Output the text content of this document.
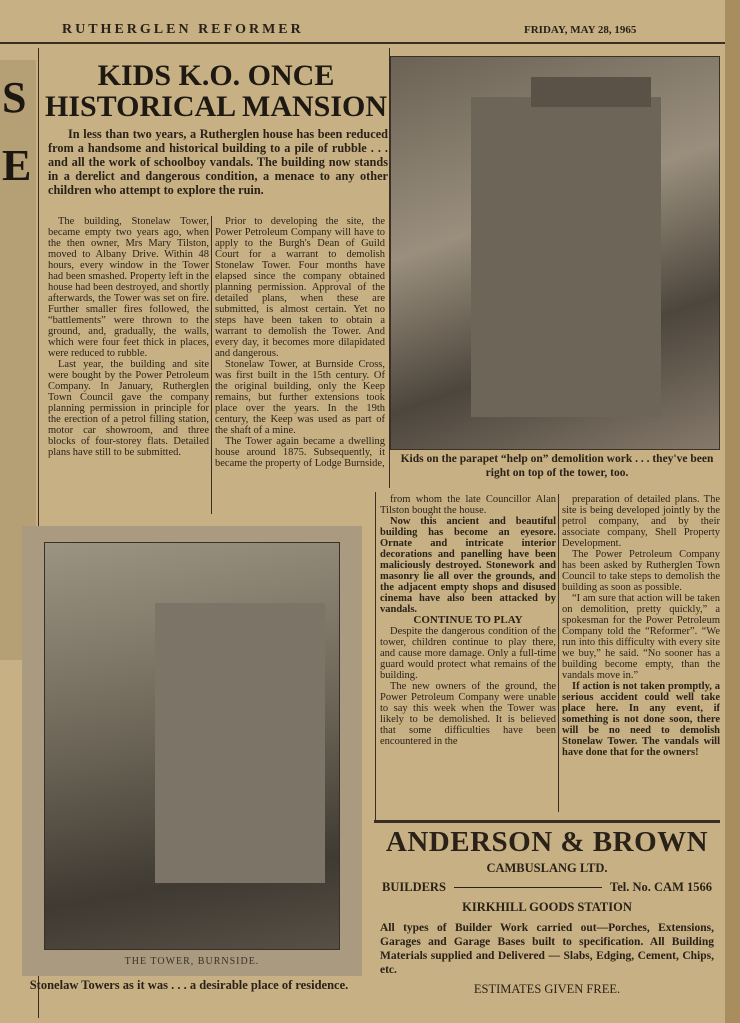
RUTHERGLEN REFORMER	FRIDAY, MAY 28, 1965
S
E
KIDS K.O. ONCE
HISTORICAL MANSION
In less than two years, a Rutherglen house has been reduced from a handsome and historical building to a pile of rubble . . . and all the work of schoolboy vandals. The building now stands in a derelict and dangerous condition, a menace to any other children who attempt to explore the ruin.

The building, Stonelaw Tower, became empty two years ago, when the then owner, Mrs Mary Tilston, moved to Albany Drive. Within 48 hours, every window in the Tower had been smashed. Property left in the house had been destroyed, and shortly afterwards, the Tower was set on fire. Further smaller fires followed, the “battlements” were thrown to the ground, and, gradually, the walls, which were four feet thick in places, were reduced to rubble.

Last year, the building and site were bought by the Power Petroleum Company. In January, Rutherglen Town Council gave the company planning permission in principle for the erection of a petrol filling station, motor car showroom, and three blocks of four-storey flats. Detailed plans have still to be submitted.

Prior to developing the site, the Power Petroleum Company will have to apply to the Burgh's Dean of Guild Court for a warrant to demolish Stonelaw Tower. Four months have elapsed since the company obtained planning permission. Approval of the detailed plans, when these are submitted, is almost certain. Yet no steps have been taken to obtain a warrant to demolish the Tower. And every day, it becomes more dilapidated and dangerous.

Stonelaw Tower, at Burnside Cross, was first built in the 15th century. Of the original building, only the Keep remains, but further extensions took place over the years. In the 19th century, the Keep was used as part of the shaft of a mine.

The Tower again became a dwelling house around 1875. Subsequently, it became the property of Lodge Burnside, Kids on the parapet “help on” demolition work . . . they've been right on top of the tower, too.

from whom the late Councillor Alan Tilston bought the house.

Now this ancient and beautiful building has become an eyesore. Ornate and intricate interior decorations and panelling have been maliciously destroyed. Stonework and masonry lie all over the grounds, and the adjacent empty shops and disused cinema have also been attacked by vandals.

CONTINUE TO PLAY

Despite the dangerous condition of the tower, children continue to play there, and cause more damage. Only a full-time guard would protect what remains of the building.

The new owners of the ground, the Power Petroleum Company were unable to say this week when the Tower was likely to be demolished. It is believed that some difficulties have been encountered in the

preparation of detailed plans. The site is being developed jointly by the petrol company, and by their associate company, Shell Property Development.

The Power Petroleum Company has been asked by Rutherglen Town Council to take steps to demolish the building as soon as possible.

“I am sure that action will be taken on demolition, pretty quickly,” a spokesman for the Power Petroleum Company told the “Reformer”. “We run into this difficulty with every site we buy,” he said. “No sooner has a building become empty, than the vandals move in.”

If action is not taken promptly, a serious accident could well take place here. In any event, if something is not done soon, there will be no need to demolish Stonelaw Tower. The vandals will have done that for the owners!

THE TOWER, BURNSIDE.
Stonelaw Towers as it was . . . a desirable place of residence.
ANDERSON & BROWN
CAMBUSLANG LTD.
BUILDERS	Tel. No. CAM 1566
KIRKHILL GOODS STATION
All types of Builder Work carried out—Porches, Extensions, Garages and Garage Bases built to specification. All Building Materials supplied and Delivered — Slabs, Edging, Cement, Chips, etc.
ESTIMATES GIVEN FREE.
